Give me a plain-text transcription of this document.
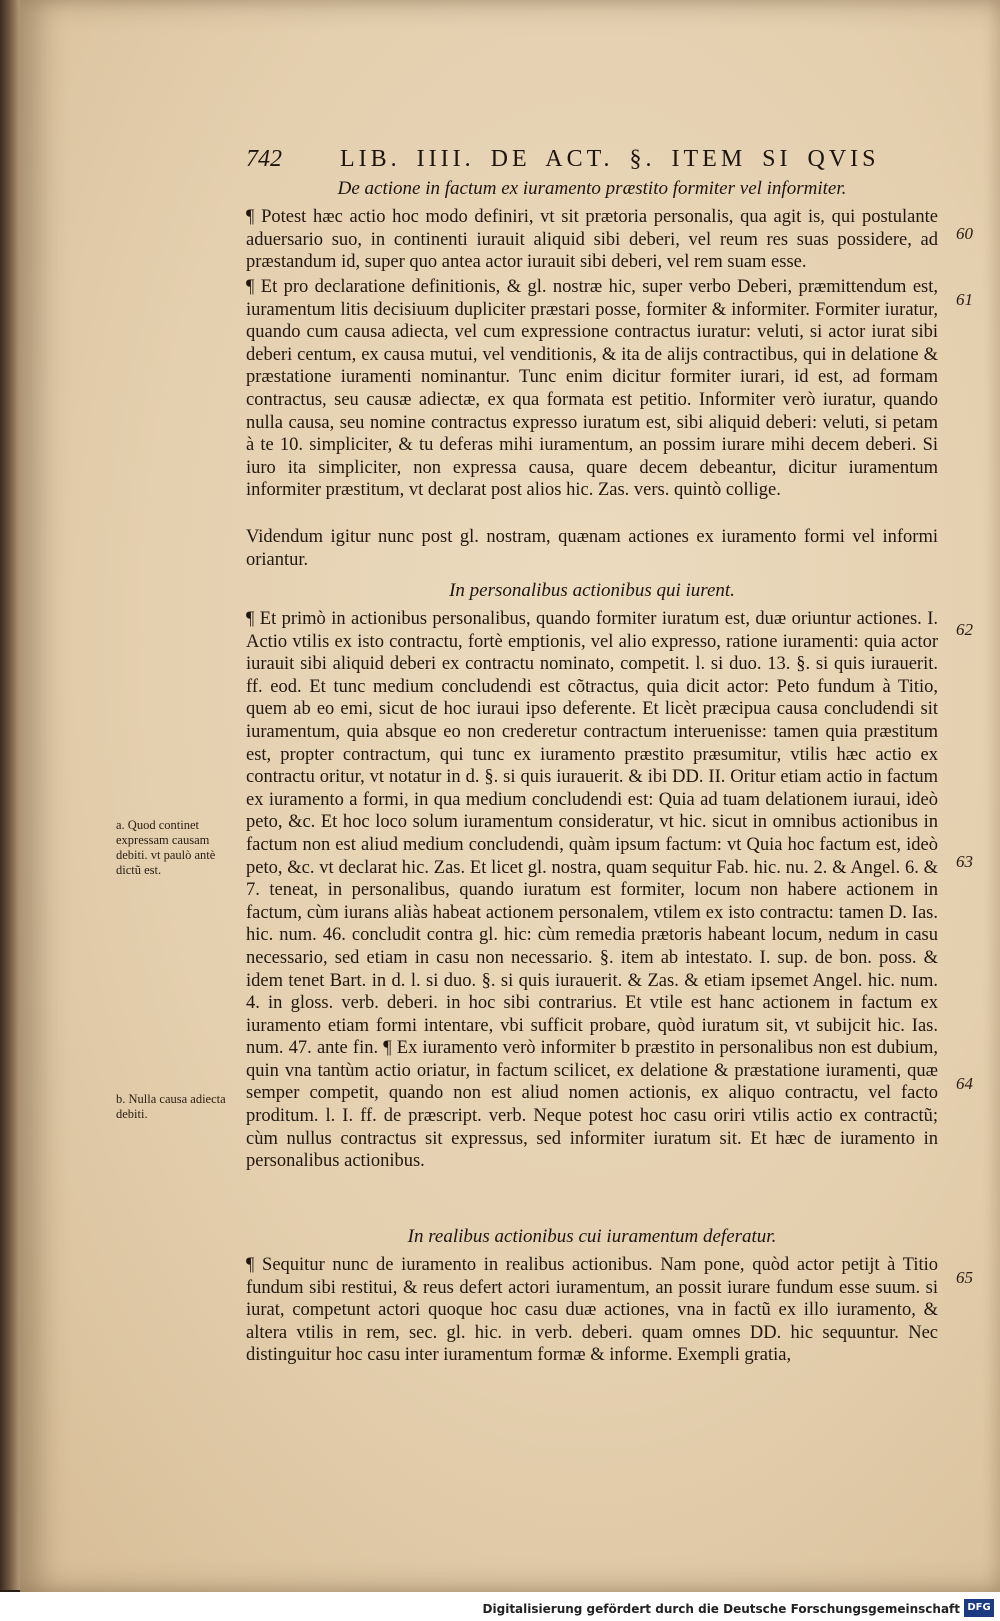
742 LIB. IIII. DE ACT. §. ITEM SI QVIS
De actione in factum ex iuramento præstito formiter vel informiter.

¶ Potest hæc actio hoc modo definiri, vt sit prætoria personalis, qua agit is, qui postulante aduersario suo, in continenti iurauit aliquid sibi deberi, vel reum res suas possidere, ad præstandum id, super quo antea actor iurauit sibi deberi, vel rem suam esse.

¶ Et pro declaratione definitionis, & gl. nostræ hic, super verbo Deberi, præmittendum est, iuramentum litis decisiuum dupliciter præstari posse, formiter & informiter. Formiter iuratur, quando cum causa adiecta, vel cum expressione contractus iuratur: veluti, si actor iurat sibi deberi centum, ex causa mutui, vel venditionis, & ita de alijs contractibus, qui in delatione & præstatione iuramenti nominantur. Tunc enim dicitur formiter iurari, id est, ad formam contractus, seu causæ adiectæ, ex qua formata est petitio. Informiter verò iuratur, quando nulla causa, seu nomine contractus expresso iuratum est, sibi aliquid deberi: veluti, si petam à te 10. simpliciter, & tu deferas mihi iuramentum, an possim iurare mihi decem deberi. Si iuro ita simpliciter, non expressa causa, quare decem debeantur, dicitur iuramentum informiter præstitum, vt declarat post alios hic. Zas. vers. quintò collige.

Videndum igitur nunc post gl. nostram, quænam actiones ex iuramento formi vel informi oriantur.

In personalibus actionibus qui iurent.

¶ Et primò in actionibus personalibus, quando formiter iuratum est, duæ oriuntur actiones. I. Actio vtilis ex isto contractu, fortè emptionis, vel alio expresso, ratione iuramenti: quia actor iurauit sibi aliquid deberi ex contractu nominato, competit. l. si duo. 13. §. si quis iurauerit. ff. eod. Et tunc medium concludendi est cõtractus, quia dicit actor: Peto fundum à Titio, quem ab eo emi, sicut de hoc iuraui ipso deferente. Et licèt præcipua causa concludendi sit iuramentum, quia absque eo non crederetur contractum interuenisse: tamen quia præstitum est, propter contractum, qui tunc ex iuramento præstito præsumitur, vtilis hæc actio ex contractu oritur, vt notatur in d. §. si quis iurauerit. & ibi DD. II. Oritur etiam actio in factum ex iuramento a formi, in qua medium concludendi est: Quia ad tuam delationem iuraui, ideò peto, &c. Et hoc loco solum iuramentum consideratur, vt hic. sicut in omnibus actionibus in factum non est aliud medium concludendi, quàm ipsum factum: vt Quia hoc factum est, ideò peto, &c. vt declarat hic. Zas. Et licet gl. nostra, quam sequitur Fab. hic. nu. 2. & Angel. 6. & 7. teneat, in personalibus, quando iuratum est formiter, locum non habere actionem in factum, cùm iurans aliàs habeat actionem personalem, vtilem ex isto contractu: tamen D. Ias. hic. num. 46. concludit contra gl. hic: cùm remedia prætoris habeant locum, nedum in casu necessario, sed etiam in casu non necessario. §. item ab intestato. I. sup. de bon. poss. & idem tenet Bart. in d. l. si duo. §. si quis iurauerit. & Zas. & etiam ipsemet Angel. hic. num. 4. in gloss. verb. deberi. in hoc sibi contrarius. Et vtile est hanc actionem in factum ex iuramento etiam formi intentare, vbi sufficit probare, quòd iuratum sit, vt subijcit hic. Ias. num. 47. ante fin. ¶ Ex iuramento verò informiter b præstito in personalibus non est dubium, quin vna tantùm actio oriatur, in factum scilicet, ex delatione & præstatione iuramenti, quæ semper competit, quando non est aliud nomen actionis, ex aliquo contractu, vel facto proditum. l. I. ff. de præscript. verb. Neque potest hoc casu oriri vtilis actio ex contractũ; cùm nullus contractus sit expressus, sed informiter iuratum sit. Et hæc de iuramento in personalibus actionibus.

In realibus actionibus cui iuramentum deferatur.

¶ Sequitur nunc de iuramento in realibus actionibus. Nam pone, quòd actor petijt à Titio fundum sibi restitui, & reus defert actori iuramentum, an possit iurare fundum esse suum. si iurat, competunt actori quoque hoc casu duæ actiones, vna in factũ ex illo iuramento, & altera vtilis in rem, sec. gl. hic. in verb. deberi. quam omnes DD. hic sequuntur. Nec distinguitur hoc casu inter iuramentum formæ & informe. Exempli gratia,

60
61
62
63
64
65
a. Quod continet expressam causam debiti. vt paulò antè dictũ est.
b. Nulla causa adiecta debiti.
Digitalisierung gefördert durch die Deutsche Forschungsgemeinschaft DFG
